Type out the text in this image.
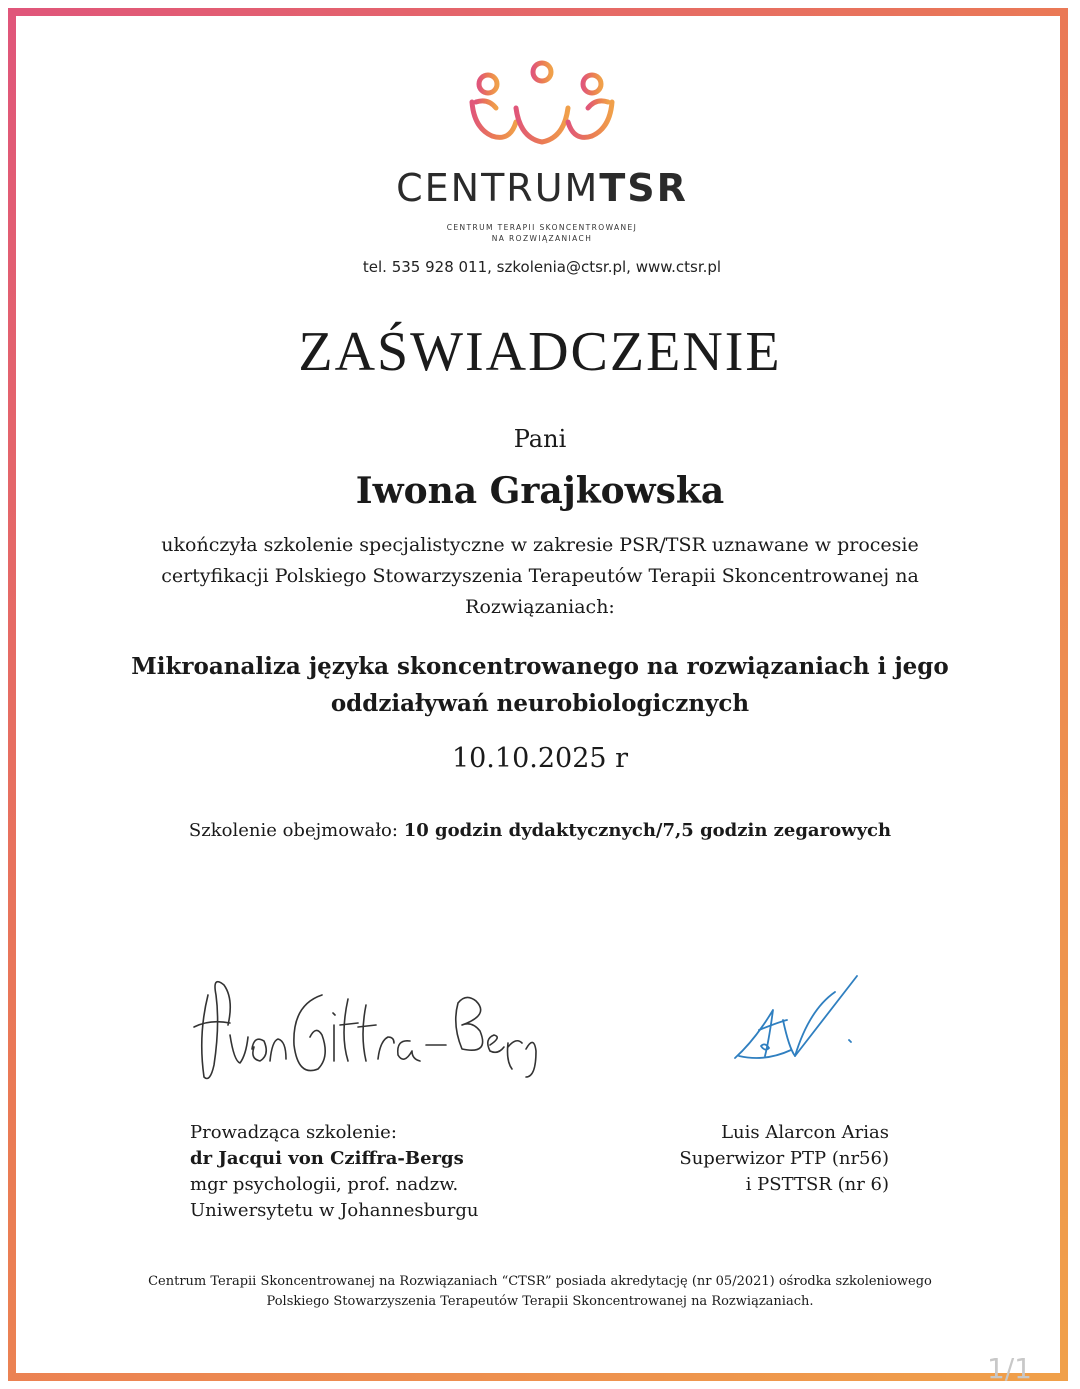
CENTRUMTSR
CENTRUM TERAPII SKONCENTROWANEJ
NA ROZWIĄZANIACH
tel. 535 928 011, szkolenia@ctsr.pl, www.ctsr.pl
ZAŚWIADCZENIE
Pani
Iwona Grajkowska
ukończyła szkolenie specjalistyczne w zakresie PSR/TSR uznawane w procesie
certyfikacji Polskiego Stowarzyszenia Terapeutów Terapii Skoncentrowanej na
Rozwiązaniach:
Mikroanaliza języka skoncentrowanego na rozwiązaniach i jego
oddziaływań neurobiologicznych
10.10.2025 r
Szkolenie obejmowało: 10 godzin dydaktycznych/7,5 godzin zegarowych
Prowadząca szkolenie:
dr Jacqui von Cziffra-Bergs
mgr psychologii, prof. nadzw.
Uniwersytetu w Johannesburgu
Luis Alarcon Arias
Superwizor PTP (nr56)
i PSTTSR (nr 6)
Centrum Terapii Skoncentrowanej na Rozwiązaniach “CTSR” posiada akredytację (nr 05/2021) ośrodka szkoleniowego
Polskiego Stowarzyszenia Terapeutów Terapii Skoncentrowanej na Rozwiązaniach.
1/1
